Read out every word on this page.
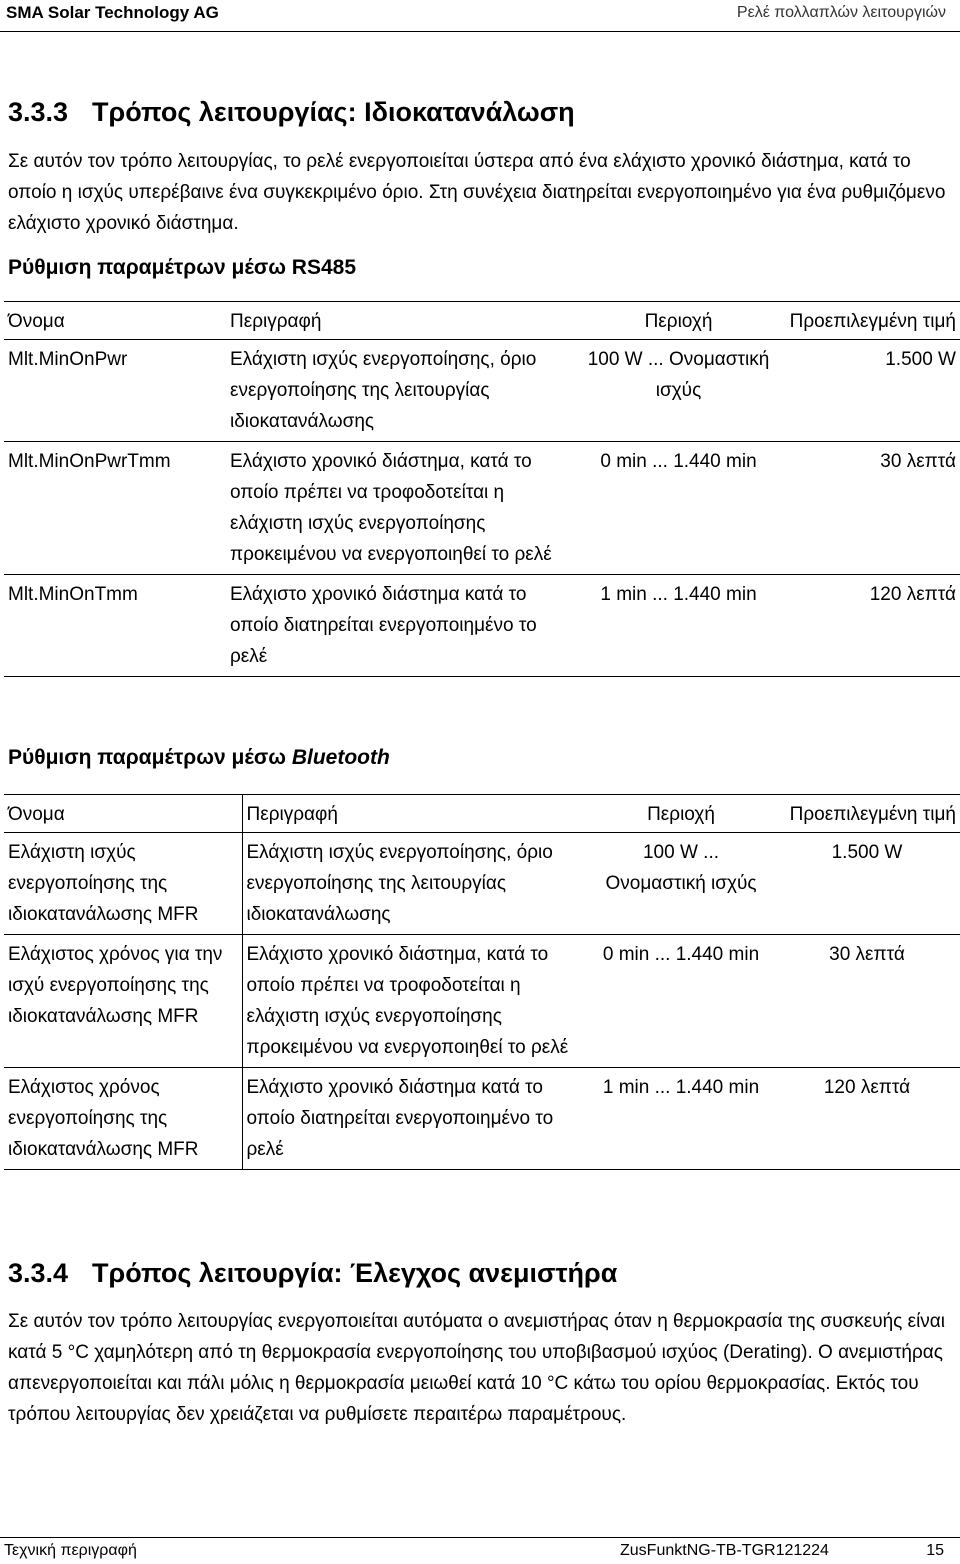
SMA Solar Technology AG	Ρελέ πολλαπλών λειτουργιών
3.3.3 Τρόπος λειτουργίας: Ιδιοκατανάλωση
Σε αυτόν τον τρόπο λειτουργίας, το ρελέ ενεργοποιείται ύστερα από ένα ελάχιστο χρονικό διάστημα, κατά το οποίο η ισχύς υπερέβαινε ένα συγκεκριμένο όριο. Στη συνέχεια διατηρείται ενεργοποιημένο για ένα ρυθμιζόμενο ελάχιστο χρονικό διάστημα.
Ρύθμιση παραμέτρων μέσω RS485
Όνομα	Περιγραφή	Περιοχή	Προεπιλεγμένη τιμή
Mlt.MinOnPwr	Ελάχιστη ισχύς ενεργοποίησης, όριο ενεργοποίησης της λειτουργίας ιδιοκατανάλωσης	100 W ... Ονομαστική ισχύς	1.500 W
Mlt.MinOnPwrTmm	Ελάχιστο χρονικό διάστημα, κατά το οποίο πρέπει να τροφοδοτείται η ελάχιστη ισχύς ενεργοποίησης προκειμένου να ενεργοποιηθεί το ρελέ	0 min ... 1.440 min	30 λεπτά
Mlt.MinOnTmm	Ελάχιστο χρονικό διάστημα κατά το οποίο διατηρείται ενεργοποιημένο το ρελέ	1 min ... 1.440 min	120 λεπτά
Ρύθμιση παραμέτρων μέσω Bluetooth
Όνομα	Περιγραφή	Περιοχή	Προεπιλεγμένη τιμή
Ελάχιστη ισχύς ενεργοποίησης της ιδιοκατανάλωσης MFR	Ελάχιστη ισχύς ενεργοποίησης, όριο ενεργοποίησης της λειτουργίας ιδιοκατανάλωσης	100 W ... Ονομαστική ισχύς	1.500 W
Ελάχιστος χρόνος για την ισχύ ενεργοποίησης της ιδιοκατανάλωσης MFR	Ελάχιστο χρονικό διάστημα, κατά το οποίο πρέπει να τροφοδοτείται η ελάχιστη ισχύς ενεργοποίησης προκειμένου να ενεργοποιηθεί το ρελέ	0 min ... 1.440 min	30 λεπτά
Ελάχιστος χρόνος ενεργοποίησης της ιδιοκατανάλωσης MFR	Ελάχιστο χρονικό διάστημα κατά το οποίο διατηρείται ενεργοποιημένο το ρελέ	1 min ... 1.440 min	120 λεπτά
3.3.4 Τρόπος λειτουργία: Έλεγχος ανεμιστήρα
Σε αυτόν τον τρόπο λειτουργίας ενεργοποιείται αυτόματα ο ανεμιστήρας όταν η θερμοκρασία της συσκευής είναι κατά 5 °C χαμηλότερη από τη θερμοκρασία ενεργοποίησης του υποβιβασμού ισχύος (Derating). Ο ανεμιστήρας απενεργοποιείται και πάλι μόλις η θερμοκρασία μειωθεί κατά 10 °C κάτω του ορίου θερμοκρασίας. Εκτός του τρόπου λειτουργίας δεν χρειάζεται να ρυθμίσετε περαιτέρω παραμέτρους.
Τεχνική περιγραφή	ZusFunktNG-TB-TGR121224	15
